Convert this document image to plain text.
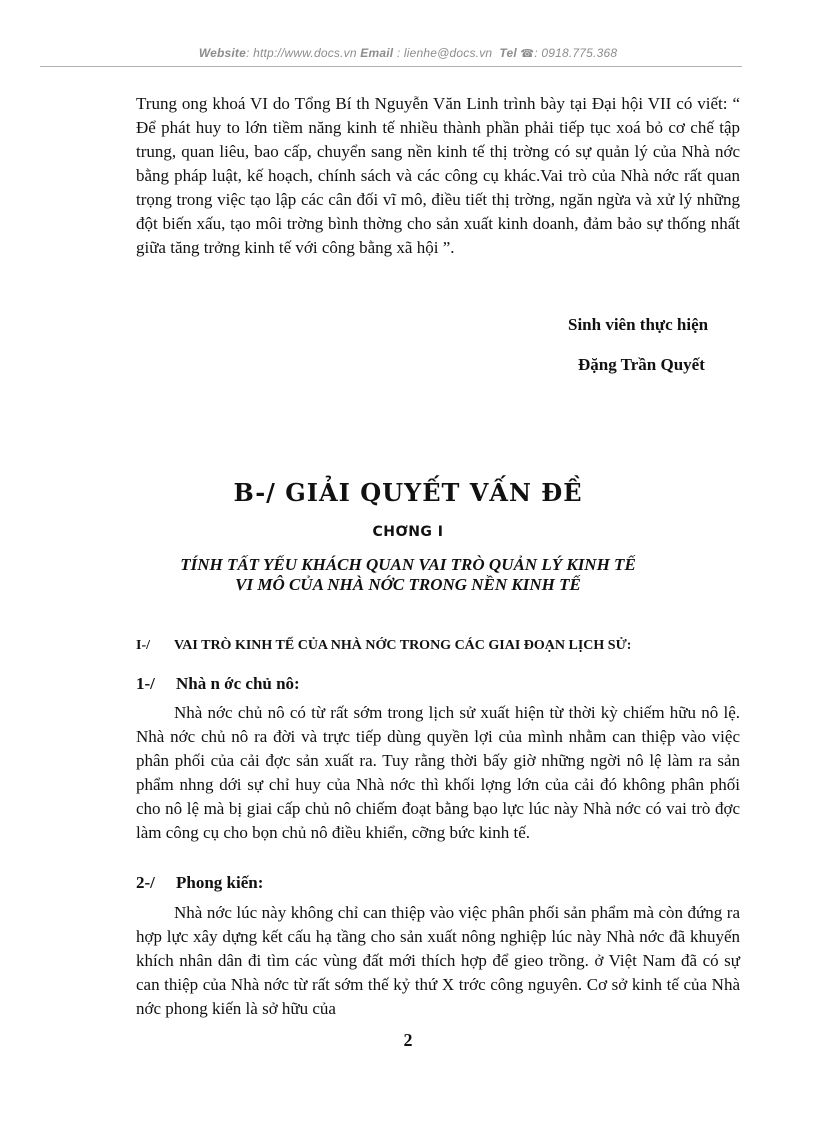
Website: http://www.docs.vn Email : lienhe@docs.vn Tel ☎: 0918.775.368

Trung ong khoá VI do Tổng Bí th Nguyễn Văn Linh trình bày tại Đại hội VII có viết: “ Để phát huy to lớn tiềm năng kinh tế nhiều thành phần phải tiếp tục xoá bỏ cơ chế tập trung, quan liêu, bao cấp, chuyển sang nền kinh tế thị trờng có sự quản lý của Nhà nớc bằng pháp luật, kế hoạch, chính sách và các công cụ khác.Vai trò của Nhà nớc rất quan trọng trong việc tạo lập các cân đối vĩ mô, điều tiết thị trờng, ngăn ngừa và xử lý những đột biến xấu, tạo môi trờng bình thờng cho sản xuất kinh doanh, đảm bảo sự thống nhất giữa tăng trởng kinh tế với công bằng xã hội ”.

Sinh viên thực hiện
Đặng Trần Quyết
B-/ GIẢI QUYẾT VẤN ĐỀ
CHƠNG I
TÍNH TẤT YẾU KHÁCH QUAN VAI TRÒ QUẢN LÝ KINH TẾ
VI MÔ CỦA NHÀ NỚC TRONG NỀN KINH TẾ
I-/ VAI TRÒ KINH TẾ CỦA NHÀ NỚC TRONG CÁC GIAI ĐOẠN LỊCH SỬ:
1-/ Nhà n ớc chủ nô:

Nhà nớc chủ nô có từ rất sớm trong lịch sử xuất hiện từ thời kỳ chiếm hữu nô lệ. Nhà nớc chủ nô ra đời và trực tiếp dùng quyền lợi của mình nhằm can thiệp vào việc phân phối của cải đợc sản xuất ra. Tuy rằng thời bấy giờ những ngời nô lệ làm ra sản phẩm nhng dới sự chỉ huy của Nhà nớc thì khối lợng lớn của cải đó không phân phối cho nô lệ mà bị giai cấp chủ nô chiếm đoạt bằng bạo lực lúc này Nhà nớc có vai trò đợc làm công cụ cho bọn chủ nô điều khiển, cỡng bức kinh tế.

2-/ Phong kiến:

Nhà nớc lúc này không chỉ can thiệp vào việc phân phối sản phẩm mà còn đứng ra hợp lực xây dựng kết cấu hạ tầng cho sản xuất nông nghiệp lúc này Nhà nớc đã khuyến khích nhân dân đi tìm các vùng đất mới thích hợp để gieo trồng. ở Việt Nam đã có sự can thiệp của Nhà nớc từ rất sớm thế kỷ thứ X trớc công nguyên. Cơ sở kinh tế của Nhà nớc phong kiến là sở hữu của

2
